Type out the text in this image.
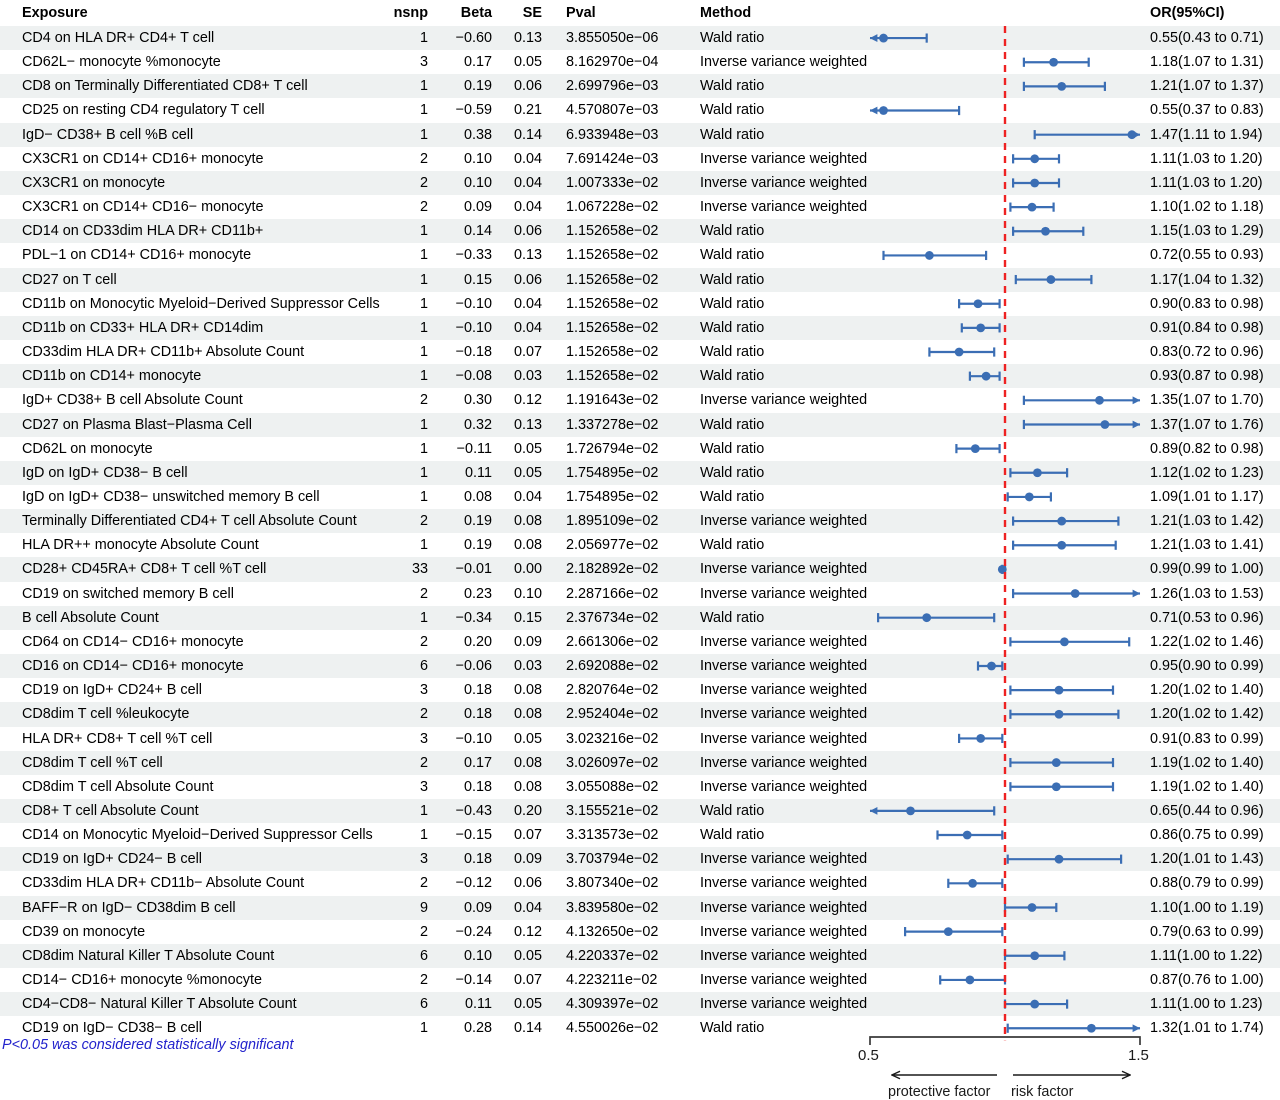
Exposure	nsnp	Beta	SE	Pval	Method		OR(95%CI)
CD4 on HLA DR+ CD4+ T cell	1	−0.60	0.13	3.855050e−06	Wald ratio		0.55(0.43 to 0.71)
CD62L− monocyte %monocyte	3	0.17	0.05	8.162970e−04	Inverse variance weighted		1.18(1.07 to 1.31)
CD8 on Terminally Differentiated CD8+ T cell	1	0.19	0.06	2.699796e−03	Wald ratio		1.21(1.07 to 1.37)
CD25 on resting CD4 regulatory T cell	1	−0.59	0.21	4.570807e−03	Wald ratio		0.55(0.37 to 0.83)
IgD− CD38+ B cell %B cell	1	0.38	0.14	6.933948e−03	Wald ratio		1.47(1.11 to 1.94)
CX3CR1 on CD14+ CD16+ monocyte	2	0.10	0.04	7.691424e−03	Inverse variance weighted		1.11(1.03 to 1.20)
CX3CR1 on monocyte	2	0.10	0.04	1.007333e−02	Inverse variance weighted		1.11(1.03 to 1.20)
CX3CR1 on CD14+ CD16− monocyte	2	0.09	0.04	1.067228e−02	Inverse variance weighted		1.10(1.02 to 1.18)
CD14 on CD33dim HLA DR+ CD11b+	1	0.14	0.06	1.152658e−02	Wald ratio		1.15(1.03 to 1.29)
PDL−1 on CD14+ CD16+ monocyte	1	−0.33	0.13	1.152658e−02	Wald ratio		0.72(0.55 to 0.93)
CD27 on T cell	1	0.15	0.06	1.152658e−02	Wald ratio		1.17(1.04 to 1.32)
CD11b on Monocytic Myeloid−Derived Suppressor Cells	1	−0.10	0.04	1.152658e−02	Wald ratio		0.90(0.83 to 0.98)
CD11b on CD33+ HLA DR+ CD14dim	1	−0.10	0.04	1.152658e−02	Wald ratio		0.91(0.84 to 0.98)
CD33dim HLA DR+ CD11b+ Absolute Count	1	−0.18	0.07	1.152658e−02	Wald ratio		0.83(0.72 to 0.96)
CD11b on CD14+ monocyte	1	−0.08	0.03	1.152658e−02	Wald ratio		0.93(0.87 to 0.98)
IgD+ CD38+ B cell Absolute Count	2	0.30	0.12	1.191643e−02	Inverse variance weighted		1.35(1.07 to 1.70)
CD27 on Plasma Blast−Plasma Cell	1	0.32	0.13	1.337278e−02	Wald ratio		1.37(1.07 to 1.76)
CD62L on monocyte	1	−0.11	0.05	1.726794e−02	Wald ratio		0.89(0.82 to 0.98)
IgD on IgD+ CD38− B cell	1	0.11	0.05	1.754895e−02	Wald ratio		1.12(1.02 to 1.23)
IgD on IgD+ CD38− unswitched memory B cell	1	0.08	0.04	1.754895e−02	Wald ratio		1.09(1.01 to 1.17)
Terminally Differentiated CD4+ T cell Absolute Count	2	0.19	0.08	1.895109e−02	Inverse variance weighted		1.21(1.03 to 1.42)
HLA DR++ monocyte Absolute Count	1	0.19	0.08	2.056977e−02	Wald ratio		1.21(1.03 to 1.41)
CD28+ CD45RA+ CD8+ T cell %T cell	33	−0.01	0.00	2.182892e−02	Inverse variance weighted		0.99(0.99 to 1.00)
CD19 on switched memory B cell	2	0.23	0.10	2.287166e−02	Inverse variance weighted		1.26(1.03 to 1.53)
B cell Absolute Count	1	−0.34	0.15	2.376734e−02	Wald ratio		0.71(0.53 to 0.96)
CD64 on CD14− CD16+ monocyte	2	0.20	0.09	2.661306e−02	Inverse variance weighted		1.22(1.02 to 1.46)
CD16 on CD14− CD16+ monocyte	6	−0.06	0.03	2.692088e−02	Inverse variance weighted		0.95(0.90 to 0.99)
CD19 on IgD+ CD24+ B cell	3	0.18	0.08	2.820764e−02	Inverse variance weighted		1.20(1.02 to 1.40)
CD8dim T cell %leukocyte	2	0.18	0.08	2.952404e−02	Inverse variance weighted		1.20(1.02 to 1.42)
HLA DR+ CD8+ T cell %T cell	3	−0.10	0.05	3.023216e−02	Inverse variance weighted		0.91(0.83 to 0.99)
CD8dim T cell %T cell	2	0.17	0.08	3.026097e−02	Inverse variance weighted		1.19(1.02 to 1.40)
CD8dim T cell Absolute Count	3	0.18	0.08	3.055088e−02	Inverse variance weighted		1.19(1.02 to 1.40)
CD8+ T cell Absolute Count	1	−0.43	0.20	3.155521e−02	Wald ratio		0.65(0.44 to 0.96)
CD14 on Monocytic Myeloid−Derived Suppressor Cells	1	−0.15	0.07	3.313573e−02	Wald ratio		0.86(0.75 to 0.99)
CD19 on IgD+ CD24− B cell	3	0.18	0.09	3.703794e−02	Inverse variance weighted		1.20(1.01 to 1.43)
CD33dim HLA DR+ CD11b− Absolute Count	2	−0.12	0.06	3.807340e−02	Inverse variance weighted		0.88(0.79 to 0.99)
BAFF−R on IgD− CD38dim B cell	9	0.09	0.04	3.839580e−02	Inverse variance weighted		1.10(1.00 to 1.19)
CD39 on monocyte	2	−0.24	0.12	4.132650e−02	Inverse variance weighted		0.79(0.63 to 0.99)
CD8dim Natural Killer T Absolute Count	6	0.10	0.05	4.220337e−02	Inverse variance weighted		1.11(1.00 to 1.22)
CD14− CD16+ monocyte %monocyte	2	−0.14	0.07	4.223211e−02	Inverse variance weighted		0.87(0.76 to 1.00)
CD4−CD8− Natural Killer T Absolute Count	6	0.11	0.05	4.309397e−02	Inverse variance weighted		1.11(1.00 to 1.23)
CD19 on IgD− CD38− B cell	1	0.28	0.14	4.550026e−02	Wald ratio		1.32(1.01 to 1.74)
P<0.05 was considered statistically significant
0.5	1.5
protective factor risk factor
